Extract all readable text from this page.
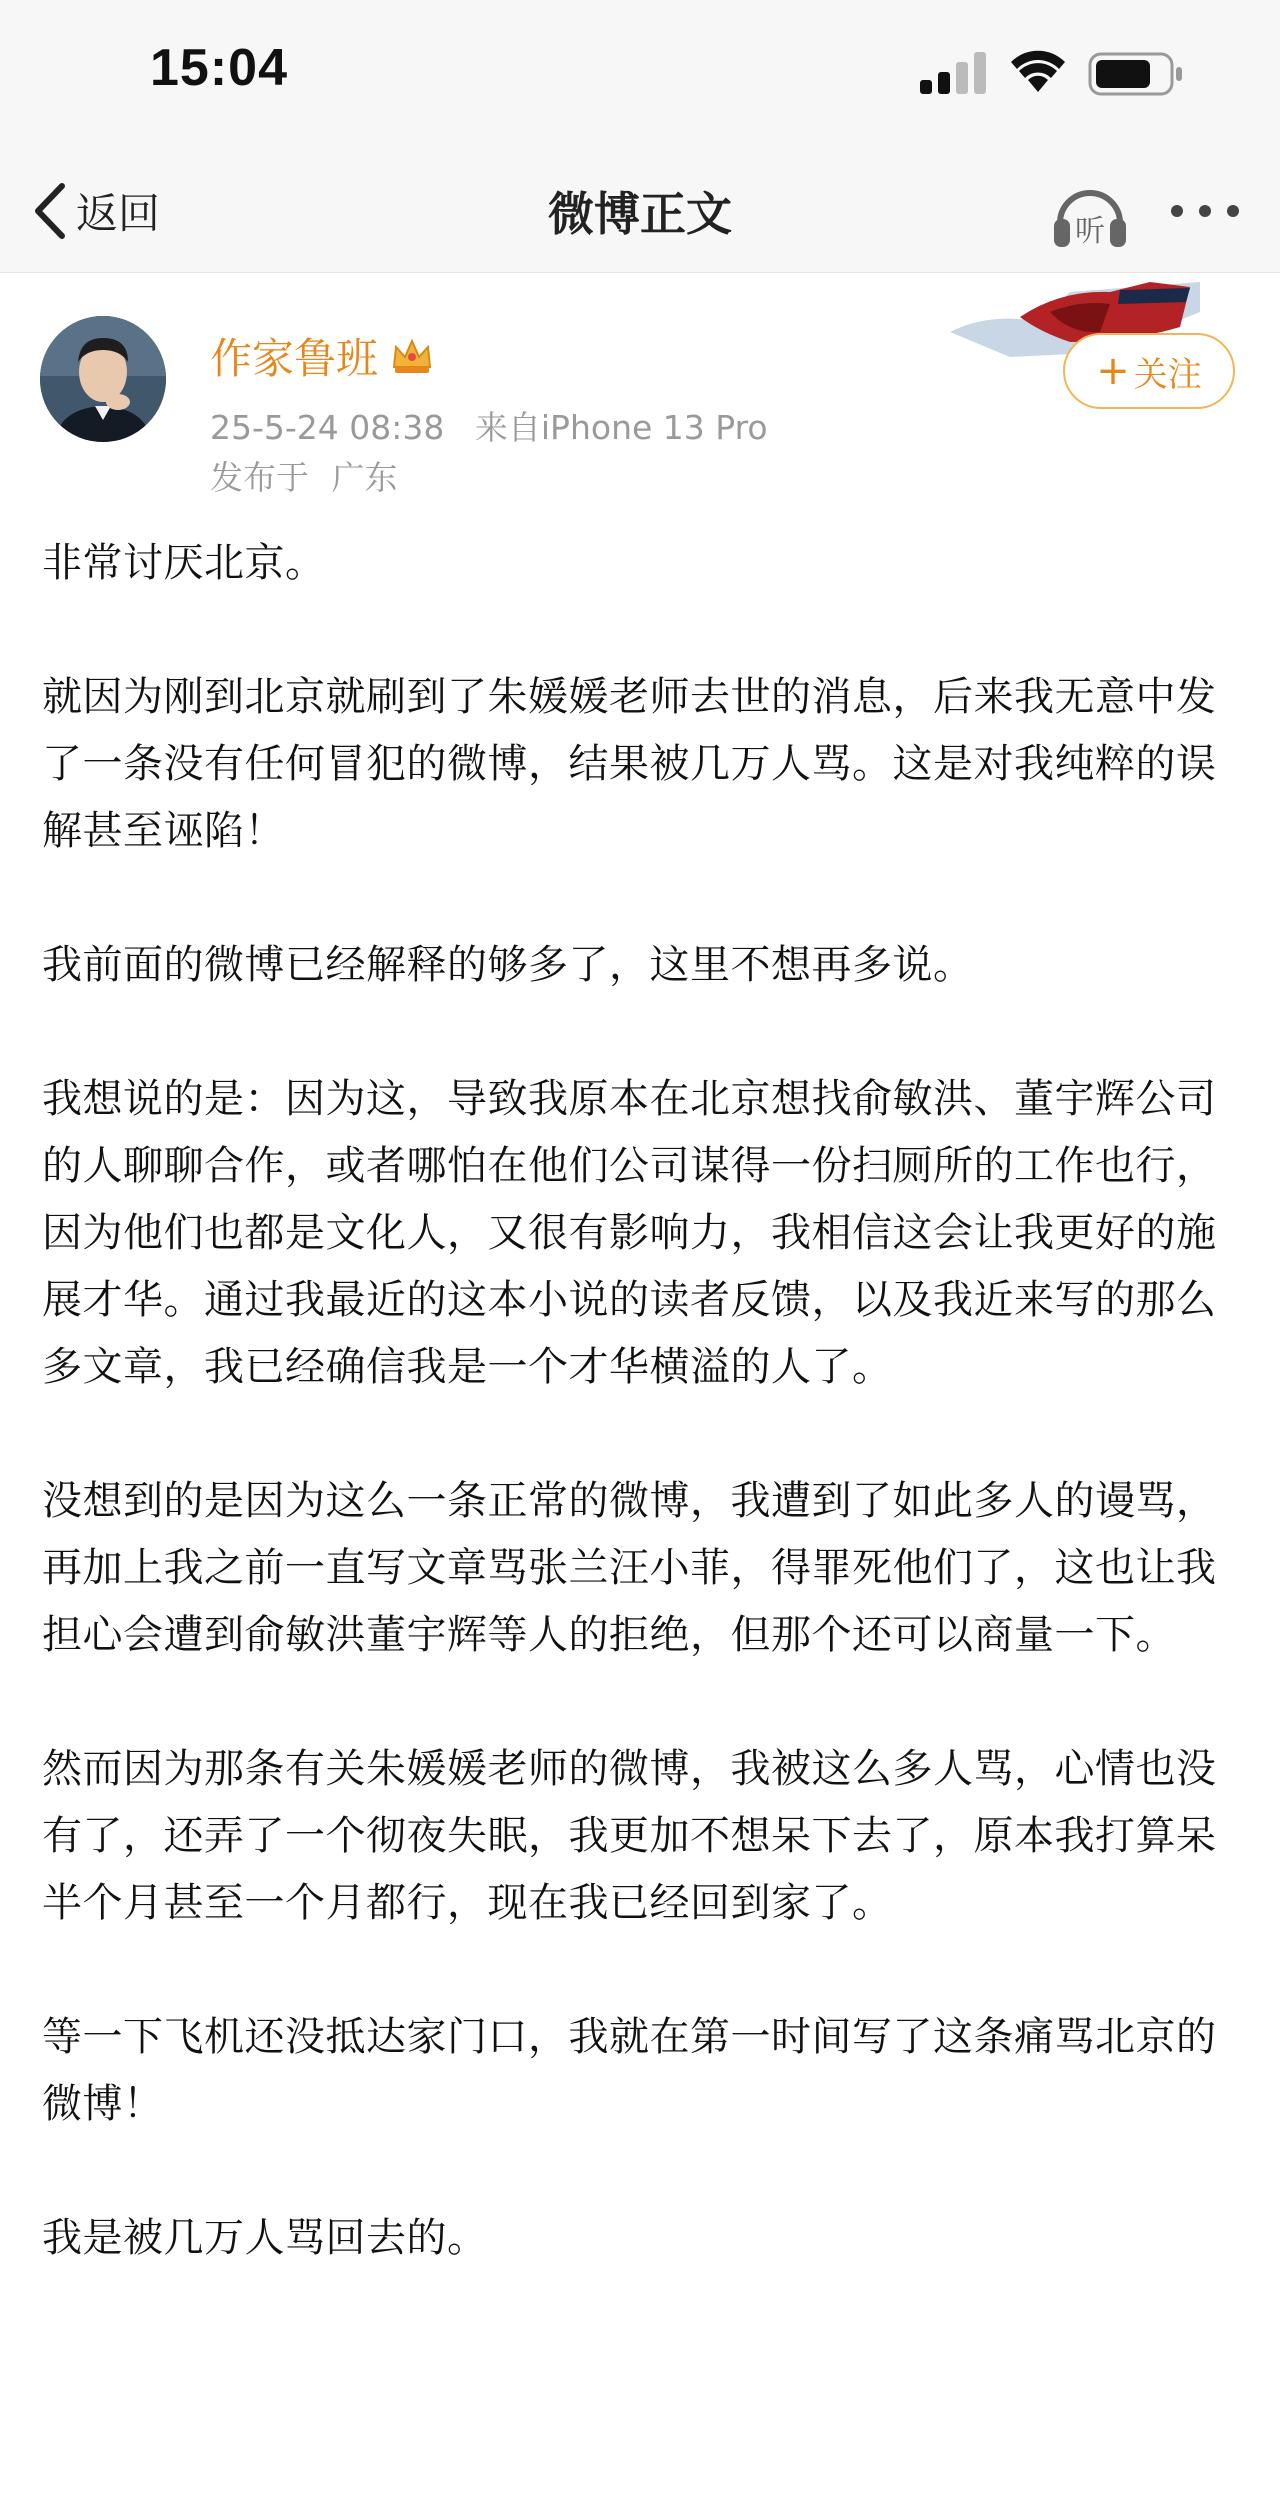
15:04
返回	微博正文	听
作家鲁班
25-5-24 08:38 来自iPhone 13 Pro
发布于 广东
+ 关注

非常讨厌北京。

就因为刚到北京就刷到了朱媛媛老师去世的消息，后来我无意中发了一条没有任何冒犯的微博，结果被几万人骂。这是对我纯粹的误解甚至诬陷！

我前面的微博已经解释的够多了，这里不想再多说。

我想说的是：因为这，导致我原本在北京想找俞敏洪、董宇辉公司的人聊聊合作，或者哪怕在他们公司谋得一份扫厕所的工作也行，因为他们也都是文化人，又很有影响力，我相信这会让我更好的施展才华。通过我最近的这本小说的读者反馈，以及我近来写的那么多文章，我已经确信我是一个才华横溢的人了。

没想到的是因为这么一条正常的微博，我遭到了如此多人的谩骂，再加上我之前一直写文章骂张兰汪小菲，得罪死他们了，这也让我担心会遭到俞敏洪董宇辉等人的拒绝，但那个还可以商量一下。

然而因为那条有关朱媛媛老师的微博，我被这么多人骂，心情也没有了，还弄了一个彻夜失眠，我更加不想呆下去了，原本我打算呆半个月甚至一个月都行，现在我已经回到家了。

等一下飞机还没抵达家门口，我就在第一时间写了这条痛骂北京的微博！

我是被几万人骂回去的。
